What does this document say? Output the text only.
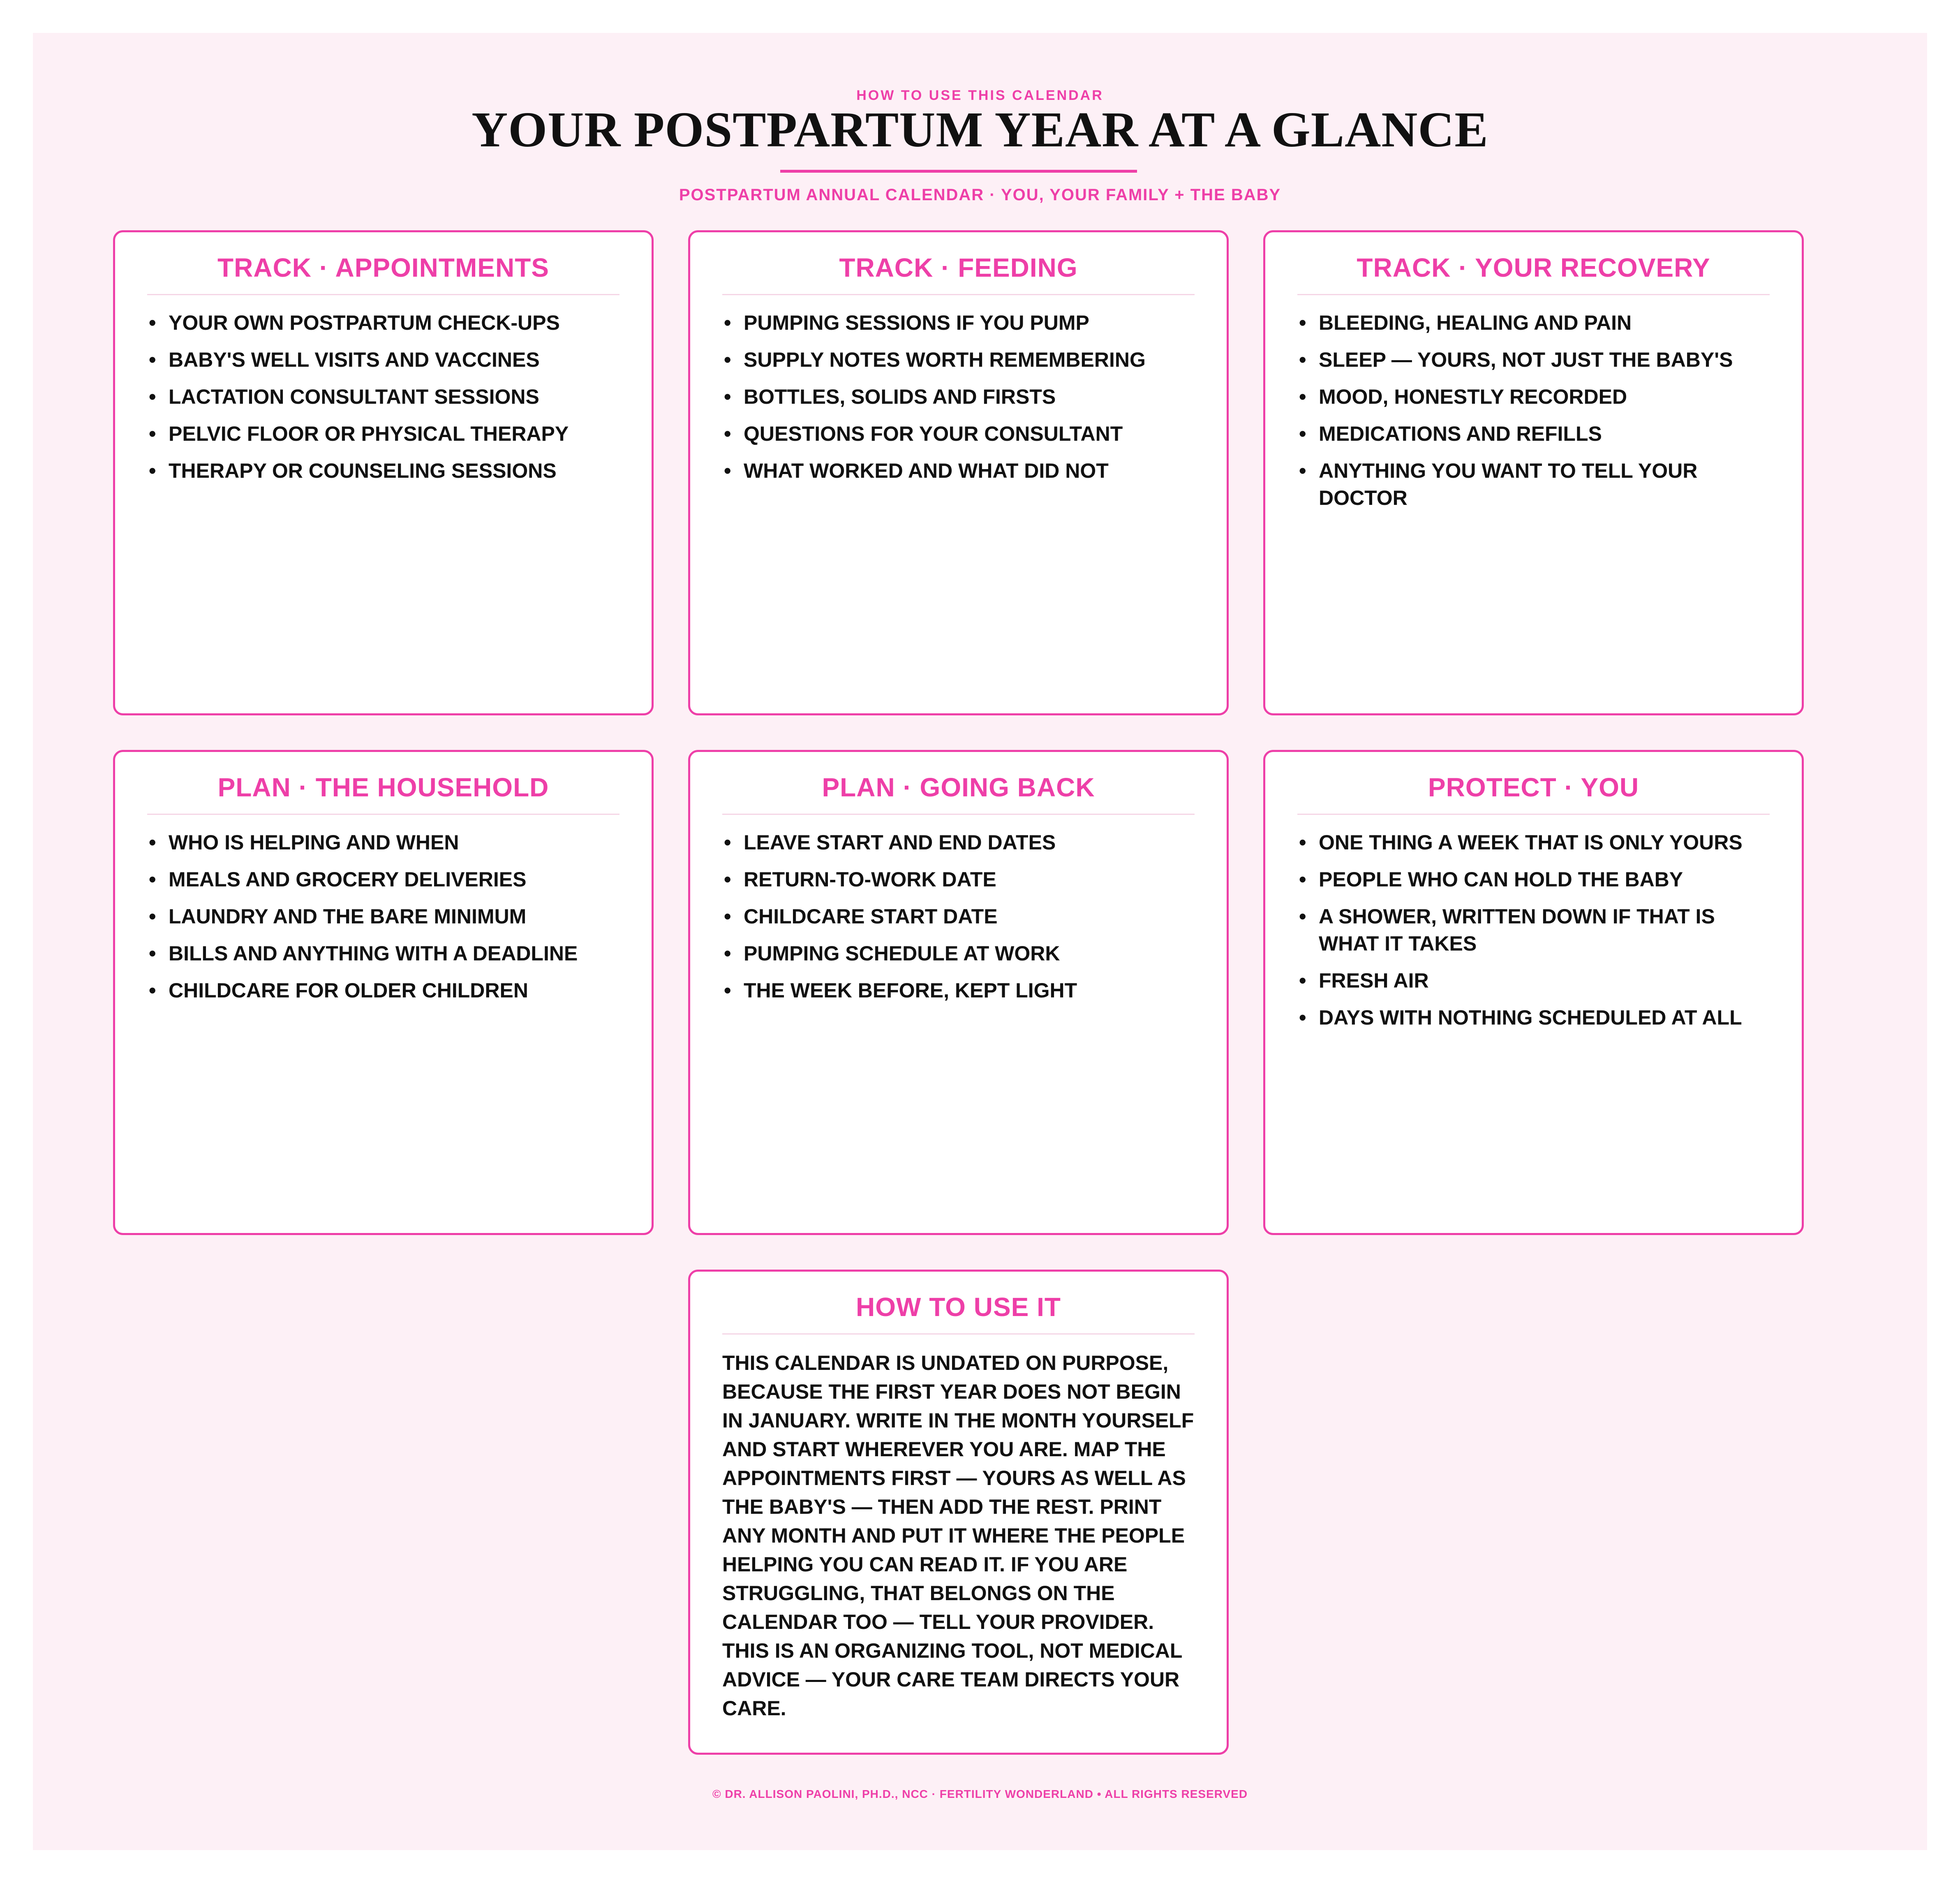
HOW TO USE THIS CALENDAR
YOUR POSTPARTUM YEAR AT A GLANCE
POSTPARTUM ANNUAL CALENDAR · YOU, YOUR FAMILY + THE BABY
TRACK · APPOINTMENTS
• YOUR OWN POSTPARTUM CHECK-UPS
• BABY'S WELL VISITS AND VACCINES
• LACTATION CONSULTANT SESSIONS
• PELVIC FLOOR OR PHYSICAL THERAPY
• THERAPY OR COUNSELING SESSIONS
TRACK · FEEDING
• PUMPING SESSIONS IF YOU PUMP
• SUPPLY NOTES WORTH REMEMBERING
• BOTTLES, SOLIDS AND FIRSTS
• QUESTIONS FOR YOUR CONSULTANT
• WHAT WORKED AND WHAT DID NOT
TRACK · YOUR RECOVERY
• BLEEDING, HEALING AND PAIN
• SLEEP — YOURS, NOT JUST THE BABY'S
• MOOD, HONESTLY RECORDED
• MEDICATIONS AND REFILLS
• ANYTHING YOU WANT TO TELL YOUR DOCTOR
PLAN · THE HOUSEHOLD
• WHO IS HELPING AND WHEN
• MEALS AND GROCERY DELIVERIES
• LAUNDRY AND THE BARE MINIMUM
• BILLS AND ANYTHING WITH A DEADLINE
• CHILDCARE FOR OLDER CHILDREN
PLAN · GOING BACK
• LEAVE START AND END DATES
• RETURN-TO-WORK DATE
• CHILDCARE START DATE
• PUMPING SCHEDULE AT WORK
• THE WEEK BEFORE, KEPT LIGHT
PROTECT · YOU
• ONE THING A WEEK THAT IS ONLY YOURS
• PEOPLE WHO CAN HOLD THE BABY
• A SHOWER, WRITTEN DOWN IF THAT IS WHAT IT TAKES
• FRESH AIR
• DAYS WITH NOTHING SCHEDULED AT ALL
HOW TO USE IT

THIS CALENDAR IS UNDATED ON PURPOSE, BECAUSE THE FIRST YEAR DOES NOT BEGIN IN JANUARY. WRITE IN THE MONTH YOURSELF AND START WHEREVER YOU ARE. MAP THE APPOINTMENTS FIRST — YOURS AS WELL AS THE BABY'S — THEN ADD THE REST. PRINT ANY MONTH AND PUT IT WHERE THE PEOPLE HELPING YOU CAN READ IT. IF YOU ARE STRUGGLING, THAT BELONGS ON THE CALENDAR TOO — TELL YOUR PROVIDER. THIS IS AN ORGANIZING TOOL, NOT MEDICAL ADVICE — YOUR CARE TEAM DIRECTS YOUR CARE.

© DR. ALLISON PAOLINI, PH.D., NCC · FERTILITY WONDERLAND • ALL RIGHTS RESERVED
